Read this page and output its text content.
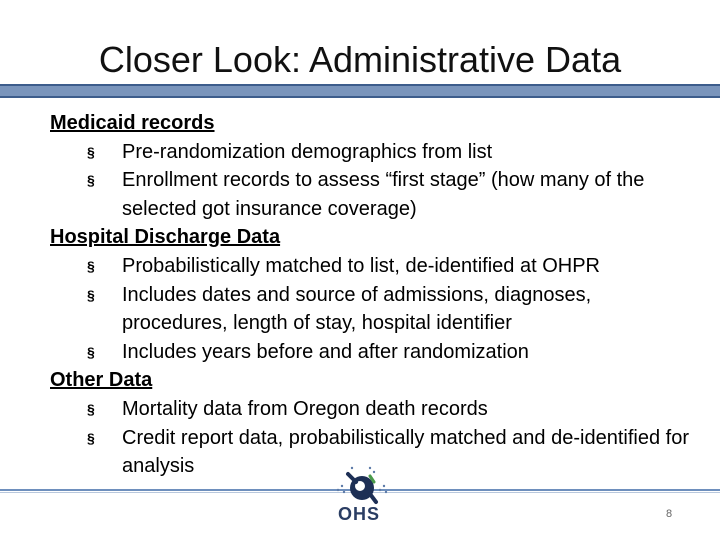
Closer Look: Administrative Data
Medicaid records
§ Pre-randomization demographics from list
§ Enrollment records to assess “first stage” (how many of the selected got insurance coverage)
Hospital Discharge Data
§ Probabilistically matched to list, de-identified at OHPR
§ Includes dates and source of admissions, diagnoses, procedures, length of stay, hospital identifier
§ Includes years before and after randomization
Other Data
§ Mortality data from Oregon death records
§ Credit report data, probabilistically matched and de-identified for analysis
OHS	8
